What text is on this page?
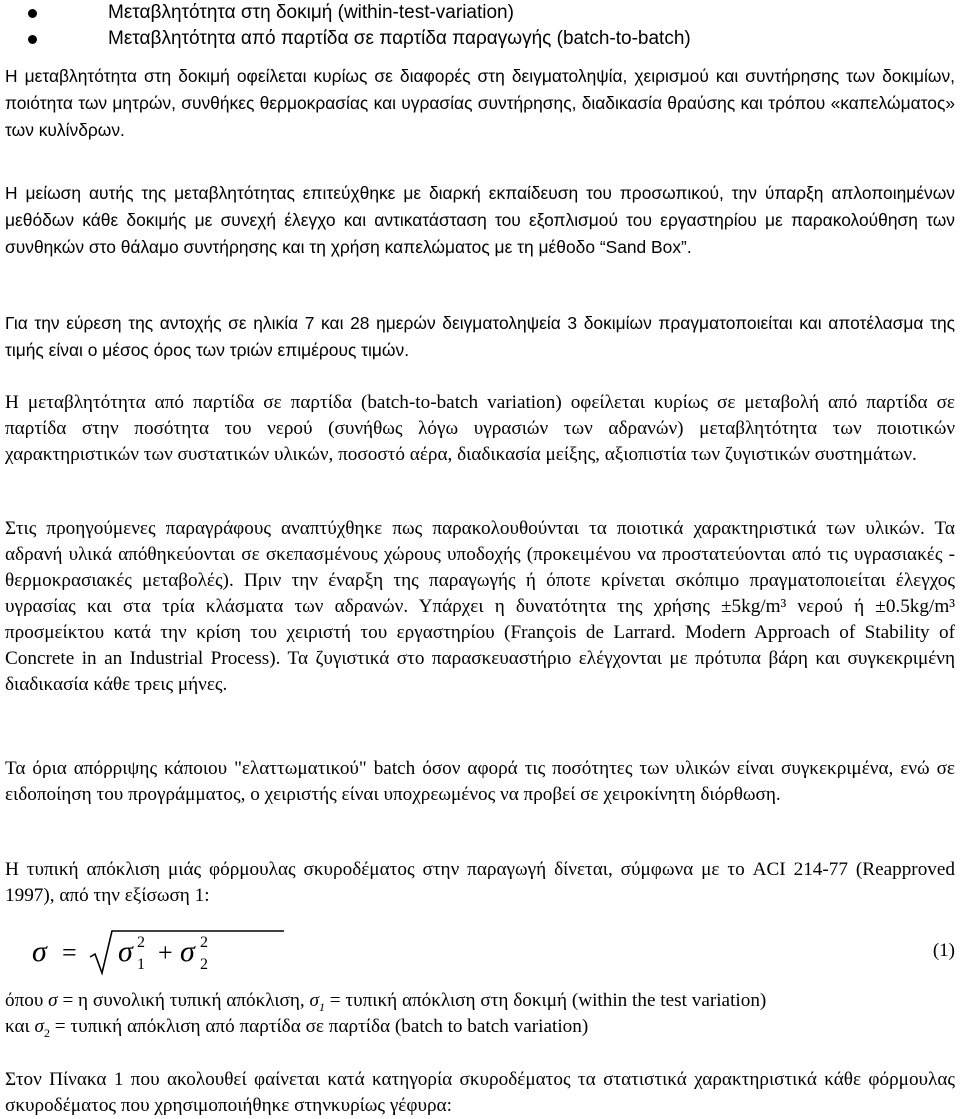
Μεταβλητότητα στη δοκιμή (within-test-variation)
Μεταβλητότητα από παρτίδα σε παρτίδα παραγωγής (batch-to-batch)

Η μεταβλητότητα στη δοκιμή οφείλεται κυρίως σε διαφορές στη δειγματοληψία, χειρισμού και συντήρησης των δοκιμίων, ποιότητα των μητρών, συνθήκες θερμοκρασίας και υγρασίας συντήρησης, διαδικασία θραύσης και τρόπου «καπελώματος» των κυλίνδρων.

Η μείωση αυτής της μεταβλητότητας επιτεύχθηκε με διαρκή εκπαίδευση του προσωπικού, την ύπαρξη απλοποιημένων μεθόδων κάθε δοκιμής με συνεχή έλεγχο και αντικατάσταση του εξοπλισμού του εργαστηρίου με παρακολούθηση των συνθηκών στο θάλαμο συντήρησης και τη χρήση καπελώματος με τη μέθοδο “Sand Box”.

Για την εύρεση της αντοχής σε ηλικία 7 και 28 ημερών δειγματοληψεία 3 δοκιμίων πραγματοποιείται και αποτέλασμα της τιμής είναι ο μέσος όρος των τριών επιμέρους τιμών.

Η μεταβλητότητα από παρτίδα σε παρτίδα (batch-to-batch variation) οφείλεται κυρίως σε μεταβολή από παρτίδα σε παρτίδα στην ποσότητα του νερού (συνήθως λόγω υγρασιών των αδρανών) μεταβλητότητα των ποιοτικών χαρακτηριστικών των συστατικών υλικών, ποσοστό αέρα, διαδικασία μείξης, αξιοπιστία των ζυγιστικών συστημάτων.

Στις προηγούμενες παραγράφους αναπτύχθηκε πως παρακολουθούνται τα ποιοτικά χαρακτηριστικά των υλικών. Τα αδρανή υλικά απόθηκεύονται σε σκεπασμένους χώρους υποδοχής (προκειμένου να προστατεύονται από τις υγρασιακές - θερμοκρασιακές μεταβολές). Πριν την έναρξη της παραγωγής ή όποτε κρίνεται σκόπιμο πραγματοποιείται έλεγχος υγρασίας και στα τρία κλάσματα των αδρανών. Υπάρχει η δυνατότητα της χρήσης ±5kg/m³ νερού ή ±0.5kg/m³ προσμείκτου κατά την κρίση του χειριστή του εργαστηρίου (François de Larrard. Modern Approach of Stability of Concrete in an Industrial Process). Τα ζυγιστικά στο παρασκευαστήριο ελέγχονται με πρότυπα βάρη και συγκεκριμένη διαδικασία κάθε τρεις μήνες.

Τα όρια απόρριψης κάποιου "ελαττωματικού" batch όσον αφορά τις ποσότητες των υλικών είναι συγκεκριμένα, ενώ σε ειδοποίηση του προγράμματος, ο χειριστής είναι υποχρεωμένος να προβεί σε χειροκίνητη διόρθωση.

Η τυπική απόκλιση μιάς φόρμουλας σκυροδέματος στην παραγωγή δίνεται, σύμφωνα με το ACI 214-77 (Reapproved 1997), από την εξίσωση 1:

σ = σ 1
2 + σ 2
2	(1)

όπου σ = η συνολική τυπική απόκλιση, $\sigma_1 = \tau\upsilon\pi\iota\kappa ή$ απόκλιση στη δοκιμή (within the test variation)
και $\sigma_2 = \tau\upsilon\pi\iota\kappa ή$ απόκλιση από παρτίδα σε παρτίδα (batch to batch variation)

Στον Πίνακα 1 που ακολουθεί φαίνεται κατά κατηγορία σκυροδέματος τα στατιστικά χαρακτηριστικά κάθε φόρμουλας σκυροδέματος που χρησιμοποιήθηκε στηνκυρίως γέφυρα:
